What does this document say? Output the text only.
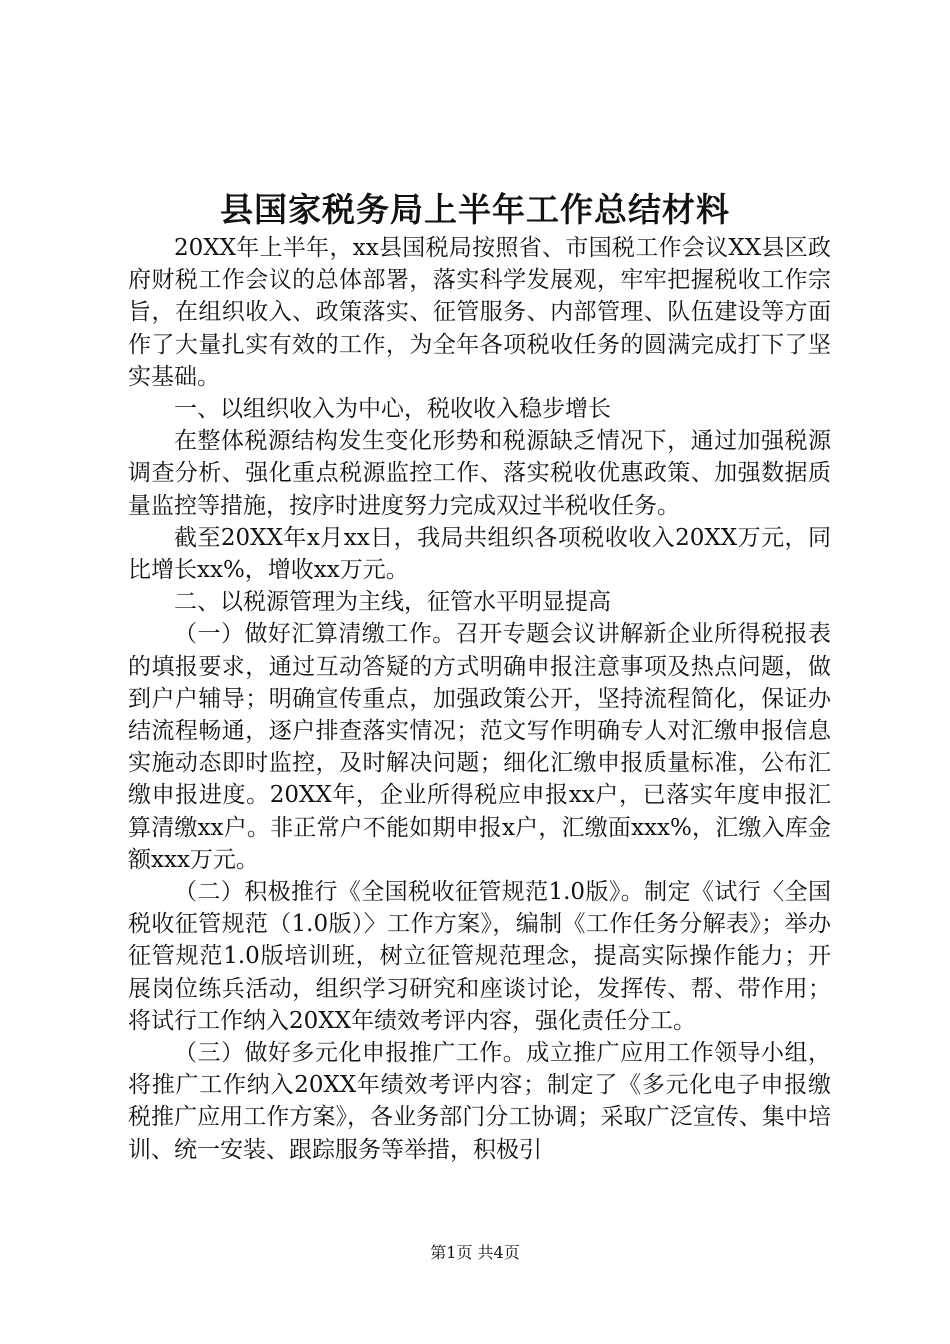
县国家税务局上半年工作总结材料

20XX年上半年，xx县国税局按照省、市国税工作会议XX县区政府财税工作会议的总体部署，落实科学发展观，牢牢把握税收工作宗旨，在组织收入、政策落实、征管服务、内部管理、队伍建设等方面作了大量扎实有效的工作，为全年各项税收任务的圆满完成打下了坚实基础。

一、以组织收入为中心，税收收入稳步增长

在整体税源结构发生变化形势和税源缺乏情况下，通过加强税源调查分析、强化重点税源监控工作、落实税收优惠政策、加强数据质量监控等措施，按序时进度努力完成双过半税收任务。

截至20XX年x月xx日，我局共组织各项税收收入20XX万元，同比增长xx%，增收xx万元。

二、以税源管理为主线，征管水平明显提高

（一）做好汇算清缴工作。召开专题会议讲解新企业所得税报表的填报要求，通过互动答疑的方式明确申报注意事项及热点问题，做到户户辅导；明确宣传重点，加强政策公开，坚持流程简化，保证办结流程畅通，逐户排查落实情况；范文写作明确专人对汇缴申报信息实施动态即时监控，及时解决问题；细化汇缴申报质量标准，公布汇缴申报进度。20XX年，企业所得税应申报xx户，已落实年度申报汇算清缴xx户。非正常户不能如期申报x户，汇缴面xxx%，汇缴入库金额xxx万元。

（二）积极推行《全国税收征管规范1.0版》。制定《试行〈全国税收征管规范（1.0版）〉工作方案》，编制《工作任务分解表》；举办征管规范1.0版培训班，树立征管规范理念，提高实际操作能力；开展岗位练兵活动，组织学习研究和座谈讨论，发挥传、帮、带作用；将试行工作纳入20XX年绩效考评内容，强化责任分工。

（三）做好多元化申报推广工作。成立推广应用工作领导小组，将推广工作纳入20XX年绩效考评内容；制定了《多元化电子申报缴税推广应用工作方案》，各业务部门分工协调；采取广泛宣传、集中培训、统一安装、跟踪服务等举措，积极引

第1页 共4页
